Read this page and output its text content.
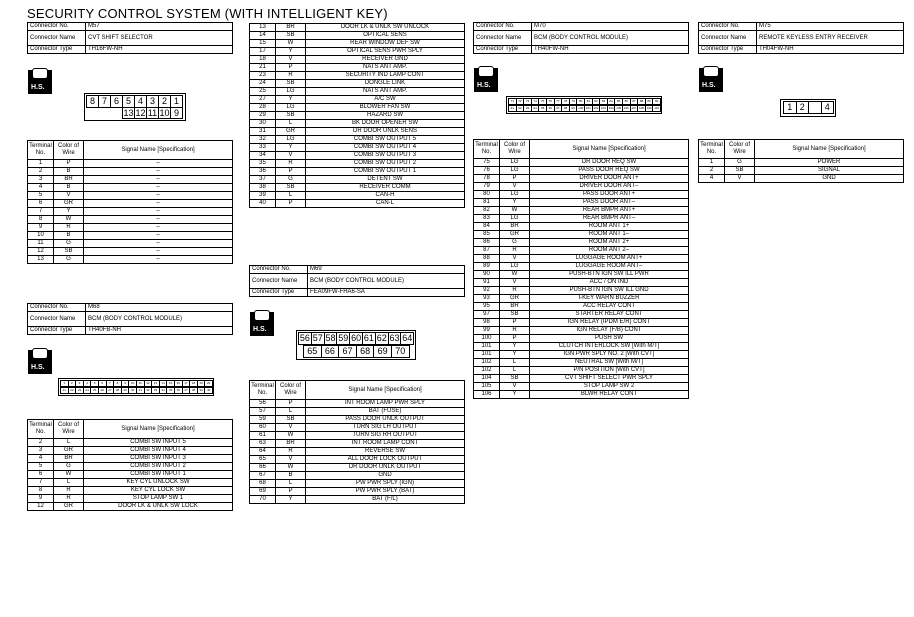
SECURITY CONTROL SYSTEM (WITH INTELLIGENT KEY)
Connector No.	M57
Connector Name	CVT SHIFT SELECTOR
Connector Type	TH16FW-NH
H.S.
8 7 6 5 4 3 2 1
13 12 11 10 9
Terminal No.	Color of Wire	Signal Name [Specification]
1	P	–
2	B	–
3	BR	–
4	B	–
5	V	–
6	GR	–
7	Y	–
8	W	–
9	R	–
10	B	–
11	G	–
12	SB	–
13	G	–
Connector No.	M68
Connector Name	BCM (BODY CONTROL MODULE)
Connector Type	TH40FB-NH
H.S.
1	2	3	4	5	6	7	8	9	10	11	12	13	14	15	16	17	18	19	20
21	22	23	24	25	26	27	28	29	30	31	32	33	34	35	36	37	38	39	40
Terminal No.	Color of Wire	Signal Name [Specification]
2	L	COMBI SW INPUT 5
3	GR	COMBI SW INPUT 4
4	BR	COMBI SW INPUT 3
5	G	COMBI SW INPUT 2
6	W	COMBI SW INPUT 1
7	L	KEY CYL UNLOCK SW
8	R	KEY CYL LOCK SW
9	R	STOP LAMP SW 1
12	GR	DOOR LK & UNLK SW LOCK
13	BR	DOOR LK & UNLK SW UNLOCK
14	SB	OPTICAL SENS
15	W	REAR WINDOW DEF SW
17	Y	OPTICAL SENS PWR SPLY
18	V	RECEIVER GND
21	P	NATS ANT AMP.
23	R	SECURITY IND LAMP CONT
24	SB	DONGLE LINK
25	LG	NATS ANT AMP.
27	Y	A/C SW
28	LG	BLOWER FAN SW
29	SB	HAZARD SW
30	L	BK DOOR OPENER SW
31	GR	DR DOOR UNLK SENS
32	LG	COMBI SW OUTPUT 5
33	Y	COMBI SW OUTPUT 4
34	V	COMBI SW OUTPUT 3
35	R	COMBI SW OUTPUT 2
36	P	COMBI SW OUTPUT 1
37	G	DETENT SW
38	SB	RECEIVER COMM
39	L	CAN-H
40	P	CAN-L
Connector No.	M69
Connector Name	BCM (BODY CONTROL MODULE)
Connector Type	FEA09FW-FHA6-SA
H.S.
56 57 58 59 60 61 62 63 64
65 66 67 68 69 70
Terminal No.	Color of Wire	Signal Name [Specification]
56	P	INT ROOM LAMP PWR SPLY
57	L	BAT (FUSE)
59	SB	PASS DOOR UNLK OUTPUT
60	V	TURN SIG LH OUTPUT
61	W	TURN SIG RH OUTPUT
63	BR	INT ROOM LAMP CONT
64	R	REVERSE SW
65	V	ALL DOOR LOCK OUTPUT
66	W	DR DOOR UNLK OUTPUT
67	B	GND
68	L	PW PWR SPLY (IGN)
69	P	PW PWR SPLY (BAT)
70	Y	BAT (F/L)
Connector No.	M70
Connector Name	BCM (BODY CONTROL MODULE)
Connector Type	TH40FW-NH
H.S.
71	72	73	74	75	76	77	78	79	80	81	82	83	84	85	86	87	88	89	90
91	92	93	94	95	96	97	98	99	100 101 102 103 104 105 106 107 108 109 110
Terminal No.	Color of Wire	Signal Name [Specification]
75	LG	DR DOOR REQ SW
76	LG	PASS DOOR REQ SW
78	P	DRIVER DOOR ANT+
79	V	DRIVER DOOR ANT–
80	LG	PASS DOOR ANT+
81	Y	PASS DOOR ANT–
82	W	REAR BMPR ANT+
83	LG	REAR BMPR ANT–
84	BR	ROOM ANT 1+
85	GR	ROOM ANT 1–
86	G	ROOM ANT 2+
87	R	ROOM ANT 2–
88	V	LUGGAGE ROOM ANT+
89	LG	LUGGAGE ROOM ANT–
90	W	PUSH-BTN IGN SW ILL PWR
91	V	ACC / ON IND
92	R	PUSH-BTN IGN SW ILL GND
93	GR	I-KEY WARN BUZZER
95	BR	ACC RELAY CONT
97	SB	STARTER RELAY CONT
98	P	IGN RELAY (IPDM E/R) CONT
99	R	IGN RELAY (F/B) CONT
100	P	PUSH SW
101	Y	CLUTCH INTERLOCK SW [With M/T]
101	Y	IGN PWR SPLY NO. 2 [With CVT]
102	L	NEUTRAL SW [With M/T]
102	L	P/N POSITION [With CVT]
104	SB	CVT SHIFT SELECT PWR SPLY
105	V	STOP LAMP SW 2
106	Y	BLWR RELAY CONT
Connector No.	M75
Connector Name	REMOTE KEYLESS ENTRY RECEIVER
Connector Type	TH04FW-NH
H.S.
1 2	4
Terminal No.	Color of Wire	Signal Name [Specification]
1	G	POWER
2	SB	SIGNAL
4	V	GND
